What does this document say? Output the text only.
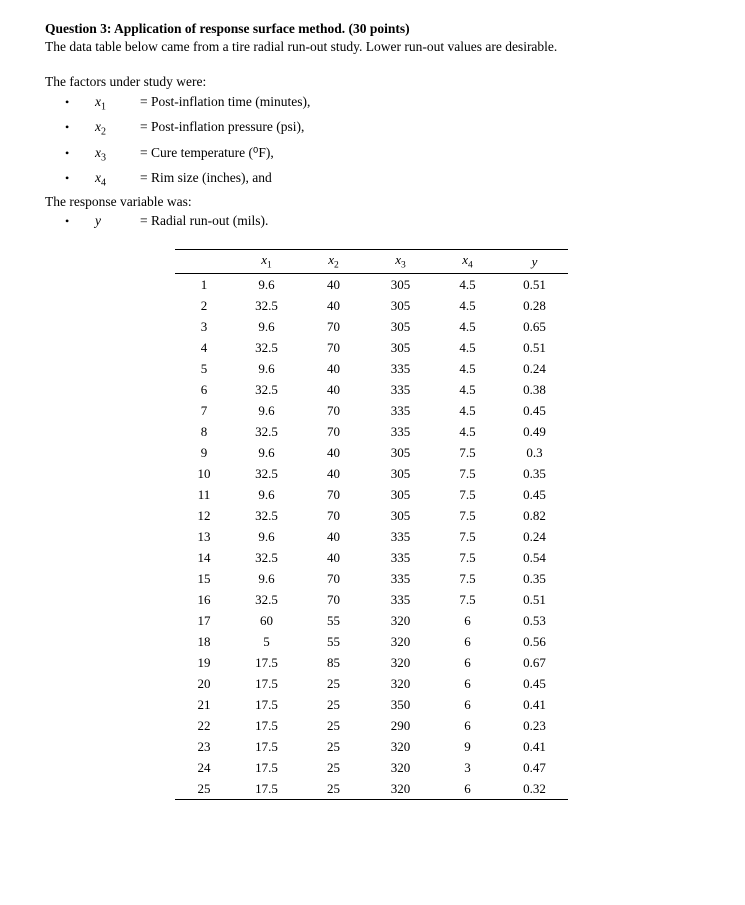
Question 3: Application of response surface method. (30 points)
The data table below came from a tire radial run-out study. Lower run-out values are desirable.
The factors under study were:
•	$x_1$	= Post-inflation time (minutes),
•	$x_2$	= Post-inflation pressure (psi),
•	$x_3$	= Cure temperature (⁰F),
•	$x_4$	= Rim size (inches), and
The response variable was:
•	y	= Radial run-out (mils).
	$x_1$	$x_2$	$x_3$	$x_4$	y
1	9.6	40	305	4.5	0.51
2	32.5	40	305	4.5	0.28
3	9.6	70	305	4.5	0.65
4	32.5	70	305	4.5	0.51
5	9.6	40	335	4.5	0.24
6	32.5	40	335	4.5	0.38
7	9.6	70	335	4.5	0.45
8	32.5	70	335	4.5	0.49
9	9.6	40	305	7.5	0.3
10	32.5	40	305	7.5	0.35
11	9.6	70	305	7.5	0.45
12	32.5	70	305	7.5	0.82
13	9.6	40	335	7.5	0.24
14	32.5	40	335	7.5	0.54
15	9.6	70	335	7.5	0.35
16	32.5	70	335	7.5	0.51
17	60	55	320	6	0.53
18	5	55	320	6	0.56
19	17.5	85	320	6	0.67
20	17.5	25	320	6	0.45
21	17.5	25	350	6	0.41
22	17.5	25	290	6	0.23
23	17.5	25	320	9	0.41
24	17.5	25	320	3	0.47
25	17.5	25	320	6	0.32
